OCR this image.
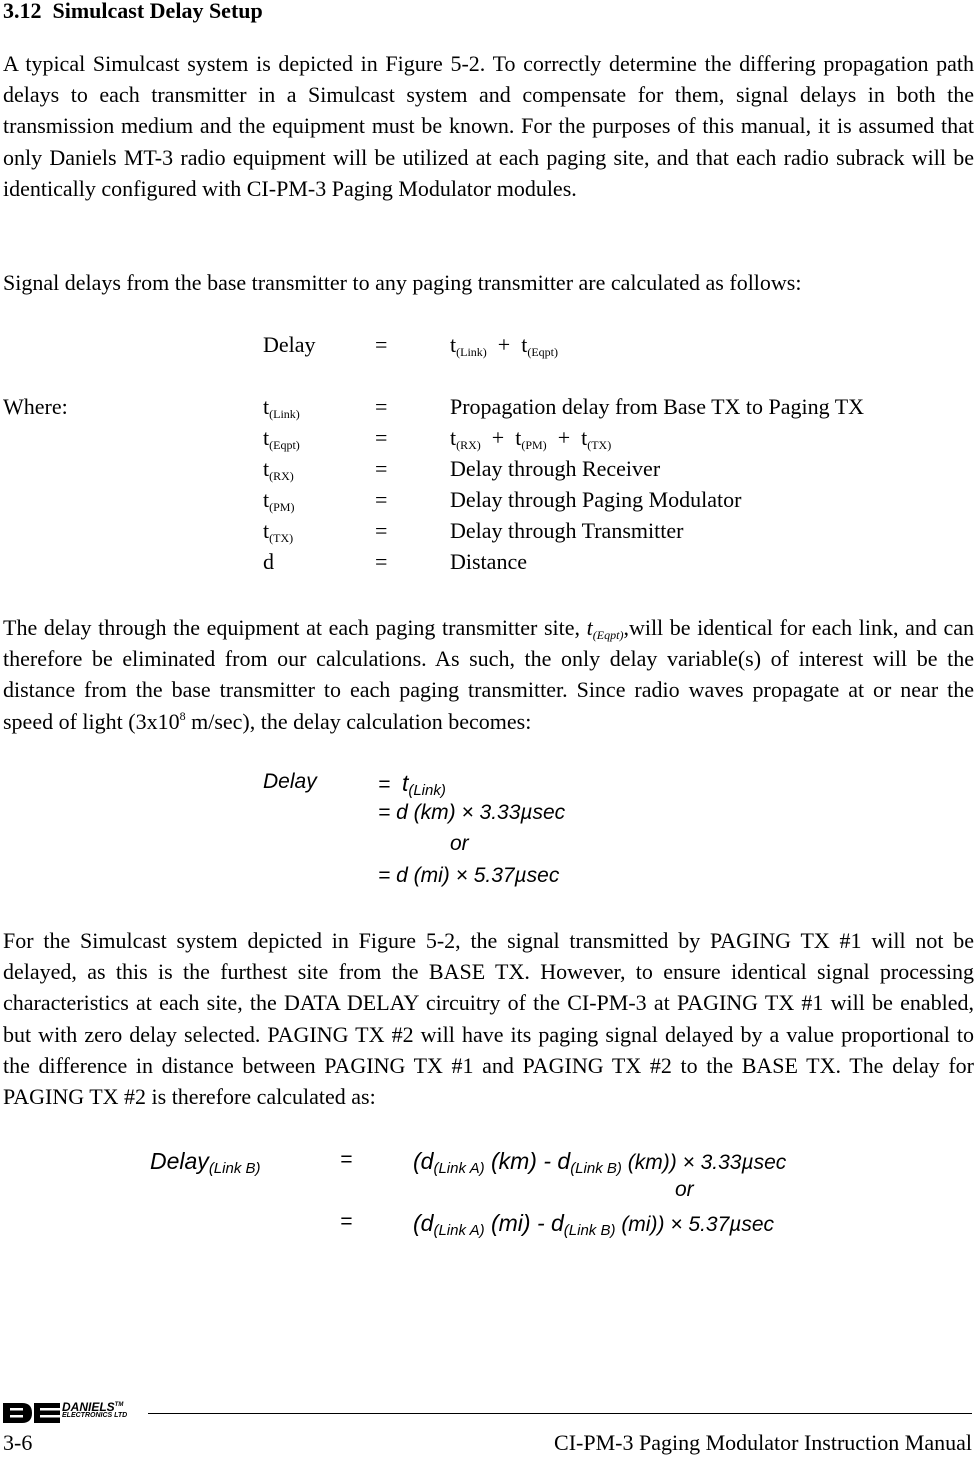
3.12 Simulcast Delay Setup
A typical Simulcast system is depicted in Figure 5-2. To correctly determine the differing propagation path delays to each transmitter in a Simulcast system and compensate for them, signal delays in both the transmission medium and the equipment must be known. For the purposes of this manual, it is assumed that only Daniels MT-3 radio equipment will be utilized at each paging site, and that each radio subrack will be identically configured with CI-PM-3 Paging Modulator modules.
Signal delays from the base transmitter to any paging transmitter are calculated as follows:
Delay	=	$t_{(Link)} + t_{(Eqpt)}$
Where:	$t_{(Link)}$	=	Propagation delay from Base TX to Paging TX
$t_{(Eqpt)}$	=	$t_{(RX)} + t_{(PM)} + t_{(TX)}$
$t_{(RX)}$	=	Delay through Receiver
$t_{(PM)}$	=	Delay through Paging Modulator
$t_{(TX)}$	=	Delay through Transmitter
d	=	Distance
The delay through the equipment at each paging transmitter site, $t_{(Eqpt)},will$ be identical for each link, and can therefore be eliminated from our calculations. As such, the only delay variable(s) of interest will be the distance from the base transmitter to each paging transmitter. Since radio waves propagate at or near the speed of light ($3x10^8$ m/sec), the delay calculation becomes:
Delay	= $t_{(Link)}$
= d (km) × 3.33µsec
or
= d (mi) × 5.37µsec
For the Simulcast system depicted in Figure 5-2, the signal transmitted by PAGING TX #1 will not be delayed, as this is the furthest site from the BASE TX. However, to ensure identical signal processing characteristics at each site, the DATA DELAY circuitry of the CI-PM-3 at PAGING TX #1 will be enabled, but with zero delay selected. PAGING TX #2 will have its paging signal delayed by a value proportional to the difference in distance between PAGING TX #1 and PAGING TX #2 to the BASE TX. The delay for PAGING TX #2 is therefore calculated as:
Delay$_{(Link B)}$	=	($d_{(Link A)}$ $(km) - d_{(Link B)}$ (km)) × 3.33µsec
or
=	($d_{(Link A)}$ $(mi) - d_{(Link B)}$ (mi)) × 5.37µsec
DANIELS™
ELECTRONICS LTD
3-6	CI-PM-3 Paging Modulator Instruction Manual
